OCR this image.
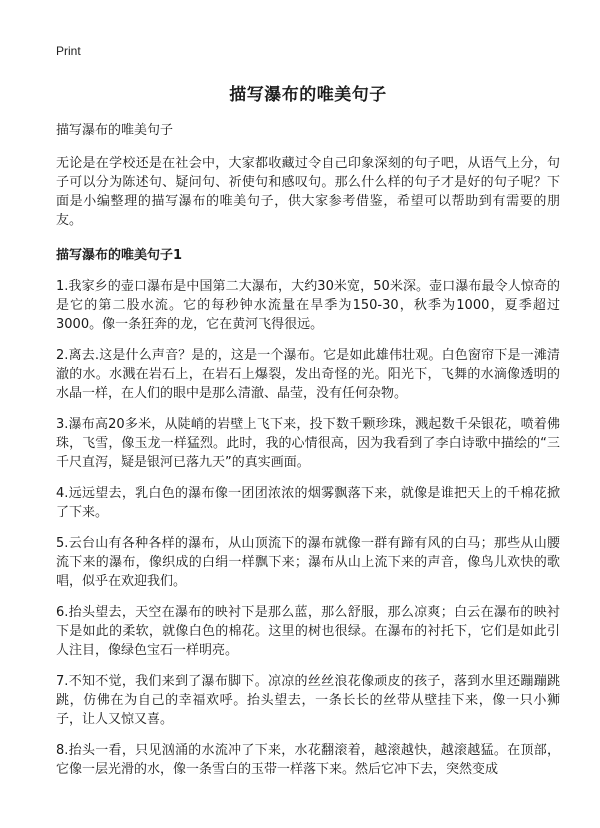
Print
描写瀑布的唯美句子

描写瀑布的唯美句子

无论是在学校还是在社会中，大家都收藏过令自己印象深刻的句子吧，从语气上分，句子可以分为陈述句、疑问句、祈使句和感叹句。那么什么样的句子才是好的句子呢？下面是小编整理的描写瀑布的唯美句子，供大家参考借鉴，希望可以帮助到有需要的朋友。

描写瀑布的唯美句子1
1.我家乡的壶口瀑布是中国第二大瀑布，大约30米宽，50米深。壶口瀑布最令人惊奇的是它的第二股水流。它的每秒钟水流量在旱季为150-30，秋季为1000，夏季超过3000。像一条狂奔的龙，它在黄河飞得很远。
2.离去.这是什么声音？是的，这是一个瀑布。它是如此雄伟壮观。白色窗帘下是一滩清澈的水。水溅在岩石上，在岩石上爆裂，发出奇怪的光。阳光下，飞舞的水滴像透明的水晶一样，在人们的眼中是那么清澈、晶莹，没有任何杂物。
3.瀑布高20多米，从陡峭的岩壁上飞下来，投下数千颗珍珠，溅起数千朵银花，喷着佛珠，飞雪，像玉龙一样猛烈。此时，我的心情很高，因为我看到了李白诗歌中描绘的“三千尺直泻，疑是银河已落九天”的真实画面。
4.远远望去，乳白色的瀑布像一团团浓浓的烟雾飘落下来，就像是谁把天上的千棉花掀了下来。
5.云台山有各种各样的瀑布，从山顶流下的瀑布就像一群有蹄有风的白马；那些从山腰流下来的瀑布，像织成的白绢一样飘下来；瀑布从山上流下来的声音，像鸟儿欢快的歌唱，似乎在欢迎我们。
6.抬头望去，天空在瀑布的映衬下是那么蓝，那么舒服，那么凉爽；白云在瀑布的映衬下是如此的柔软，就像白色的棉花。这里的树也很绿。在瀑布的衬托下，它们是如此引人注目，像绿色宝石一样明亮。
7.不知不觉，我们来到了瀑布脚下。凉凉的丝丝浪花像顽皮的孩子，落到水里还蹦蹦跳跳，仿佛在为自己的幸福欢呼。抬头望去，一条长长的丝带从壁挂下来，像一只小狮子，让人又惊又喜。
8.抬头一看，只见汹涌的水流冲了下来，水花翻滚着，越滚越快，越滚越猛。在顶部，它像一层光滑的水，像一条雪白的玉带一样落下来。然后它冲下去，突然变成
